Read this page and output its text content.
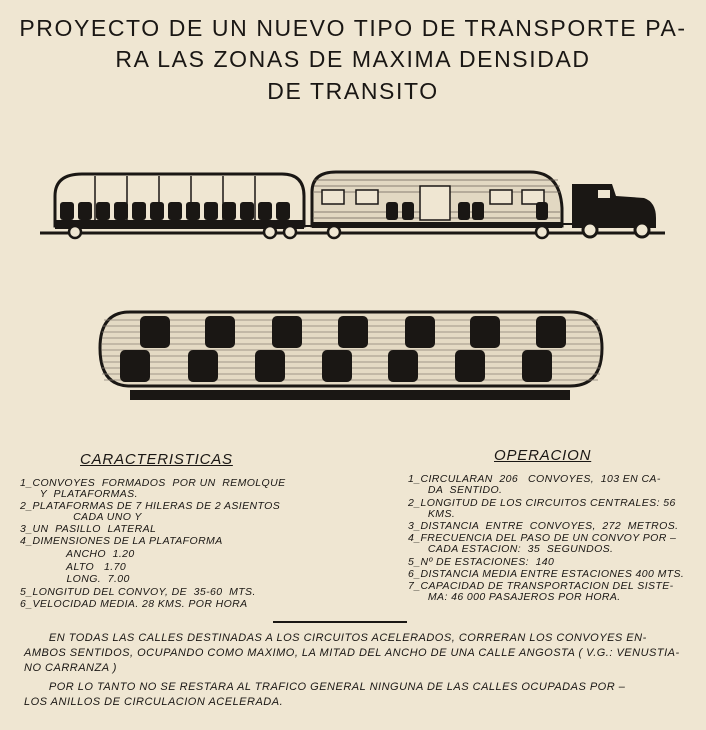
PROYECTO DE UN NUEVO TIPO DE TRANSPORTE PA-
RA LAS ZONAS DE MAXIMA DENSIDAD
DE TRANSITO
CARACTERISTICAS	OPERACION
1_CONVOYES  FORMADOS  POR UN  REMOLQUE
Y  PLATAFORMAS.
2_PLATAFORMAS DE 7 HILERAS DE 2 ASIENTOS
CADA UNO Y
3_UN  PASILLO  LATERAL
4_DIMENSIONES DE LA PLATAFORMA
ANCHO  1.20
ALTO   1.70
LONG.  7.00
5_LONGITUD DEL CONVOY, DE  35-60  MTS.
6_VELOCIDAD MEDIA. 28 KMS. POR HORA
1_CIRCULARAN  206   CONVOYES,  103 EN CA-
DA  SENTIDO.
2_LONGITUD DE LOS CIRCUITOS CENTRALES: 56
KMS.
3_DISTANCIA  ENTRE  CONVOYES,  272  METROS.
4_FRECUENCIA DEL PASO DE UN CONVOY POR –
CADA ESTACION:  35  SEGUNDOS.
5_Nº DE ESTACIONES:  140
6_DISTANCIA MEDIA ENTRE ESTACIONES 400 MTS.
7_CAPACIDAD DE TRANSPORTACION DEL SISTE-
MA: 46 000 PASAJEROS POR HORA.
EN TODAS LAS CALLES DESTINADAS A LOS CIRCUITOS ACELERADOS, CORRERAN LOS CONVOYES EN-
AMBOS SENTIDOS, OCUPANDO COMO MAXIMO, LA MITAD DEL ANCHO DE UNA CALLE ANGOSTA ( V.G.: VENUSTIA-
NO CARRANZA )
POR LO TANTO NO SE RESTARA AL TRAFICO GENERAL NINGUNA DE LAS CALLES OCUPADAS POR –
LOS ANILLOS DE CIRCULACION ACELERADA.
